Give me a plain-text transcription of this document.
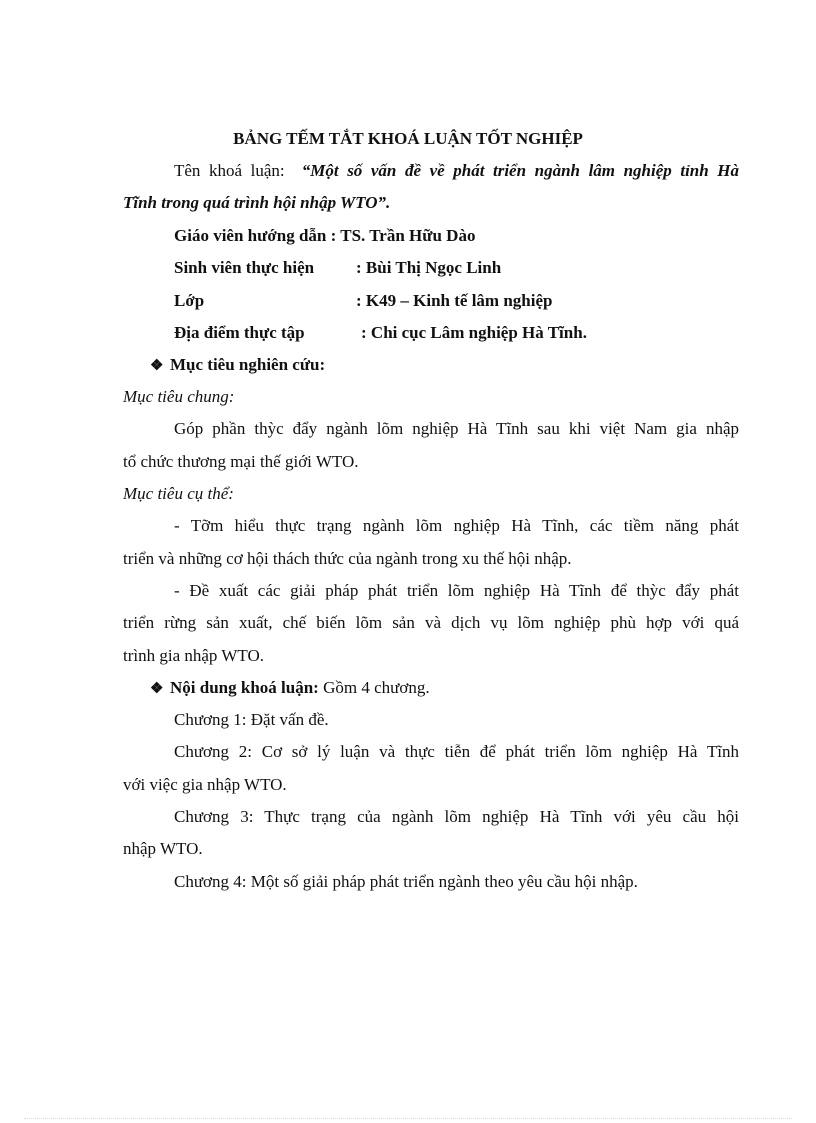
BẢNG TẾM TẮT KHOÁ LUẬN TỐT NGHIỆP
Tên khoá luận: “Một số vấn đề về phát triển ngành lâm nghiệp tỉnh Hà
Tĩnh trong quá trình hội nhập WTO”.
Giáo viên hướng dẫn : TS. Trần Hữu Dào
Sinh viên thực hiện : Bùi Thị Ngọc Linh
Lớp	: K49 – Kinh tế lâm nghiệp
Địa điểm thực tập	: Chi cục Lâm nghiệp Hà Tĩnh.
❖ Mục tiêu nghiên cứu:
Mục tiêu chung:
Góp phần thỳc đẩy ngành lõm nghiệp Hà Tĩnh sau khi việt Nam gia nhập
tổ chức thương mại thế giới WTO.
Mục tiêu cụ thể:
- Tỡm hiểu thực trạng ngành lõm nghiệp Hà Tĩnh, các tiềm năng phát
triển và những cơ hội thách thức của ngành trong xu thế hội nhập.
- Đề xuất các giải pháp phát triển lõm nghiệp Hà Tĩnh để thỳc đẩy phát
triển rừng sản xuất, chế biến lõm sản và dịch vụ lõm nghiệp phù hợp với quá
trình gia nhập WTO.
❖ Nội dung khoá luận: Gồm 4 chương.
Chương 1: Đặt vấn đề.
Chương 2: Cơ sở lý luận và thực tiễn để phát triển lõm nghiệp Hà Tĩnh
với việc gia nhập WTO.
Chương 3: Thực trạng của ngành lõm nghiệp Hà Tĩnh với yêu cầu hội
nhập WTO.
Chương 4: Một số giải pháp phát triển ngành theo yêu cầu hội nhập.
